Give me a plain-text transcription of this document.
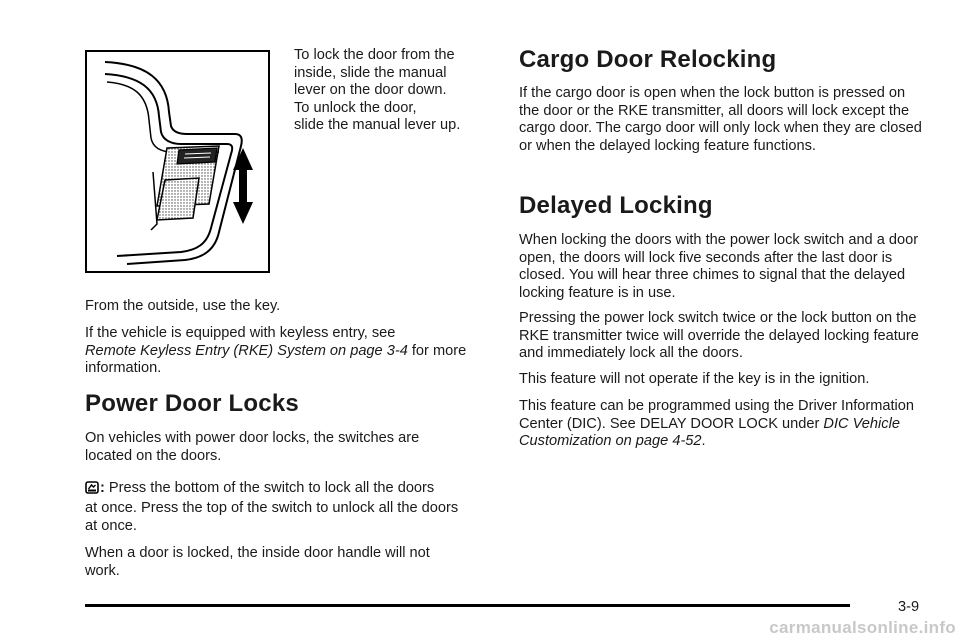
To lock the door from the

inside, slide the manual

lever on the door down.

To unlock the door,

slide the manual lever up.

From the outside, use the key.

If the vehicle is equipped with keyless entry, see
Remote Keyless Entry (RKE) System on page 3-4 for more information.

Power Door Locks

On vehicles with power door locks, the switches are located on the doors.

: Press the bottom of the switch to lock all the doors

at once. Press the top of the switch to unlock all the doors at once.

When a door is locked, the inside door handle will not work.

Cargo Door Relocking

If the cargo door is open when the lock button is pressed on the door or the RKE transmitter, all doors will lock except the cargo door. The cargo door will only lock when they are closed or when the delayed locking feature functions.

Delayed Locking

When locking the doors with the power lock switch and a door open, the doors will lock five seconds after the last door is closed. You will hear three chimes to signal that the delayed locking feature is in use.

Pressing the power lock switch twice or the lock button on the RKE transmitter twice will override the delayed locking feature and immediately lock all the doors.

This feature will not operate if the key is in the ignition.

This feature can be programmed using the Driver Information Center (DIC). See DELAY DOOR LOCK under DIC Vehicle Customization on page 4-52.

3-9
carmanualsonline.info
